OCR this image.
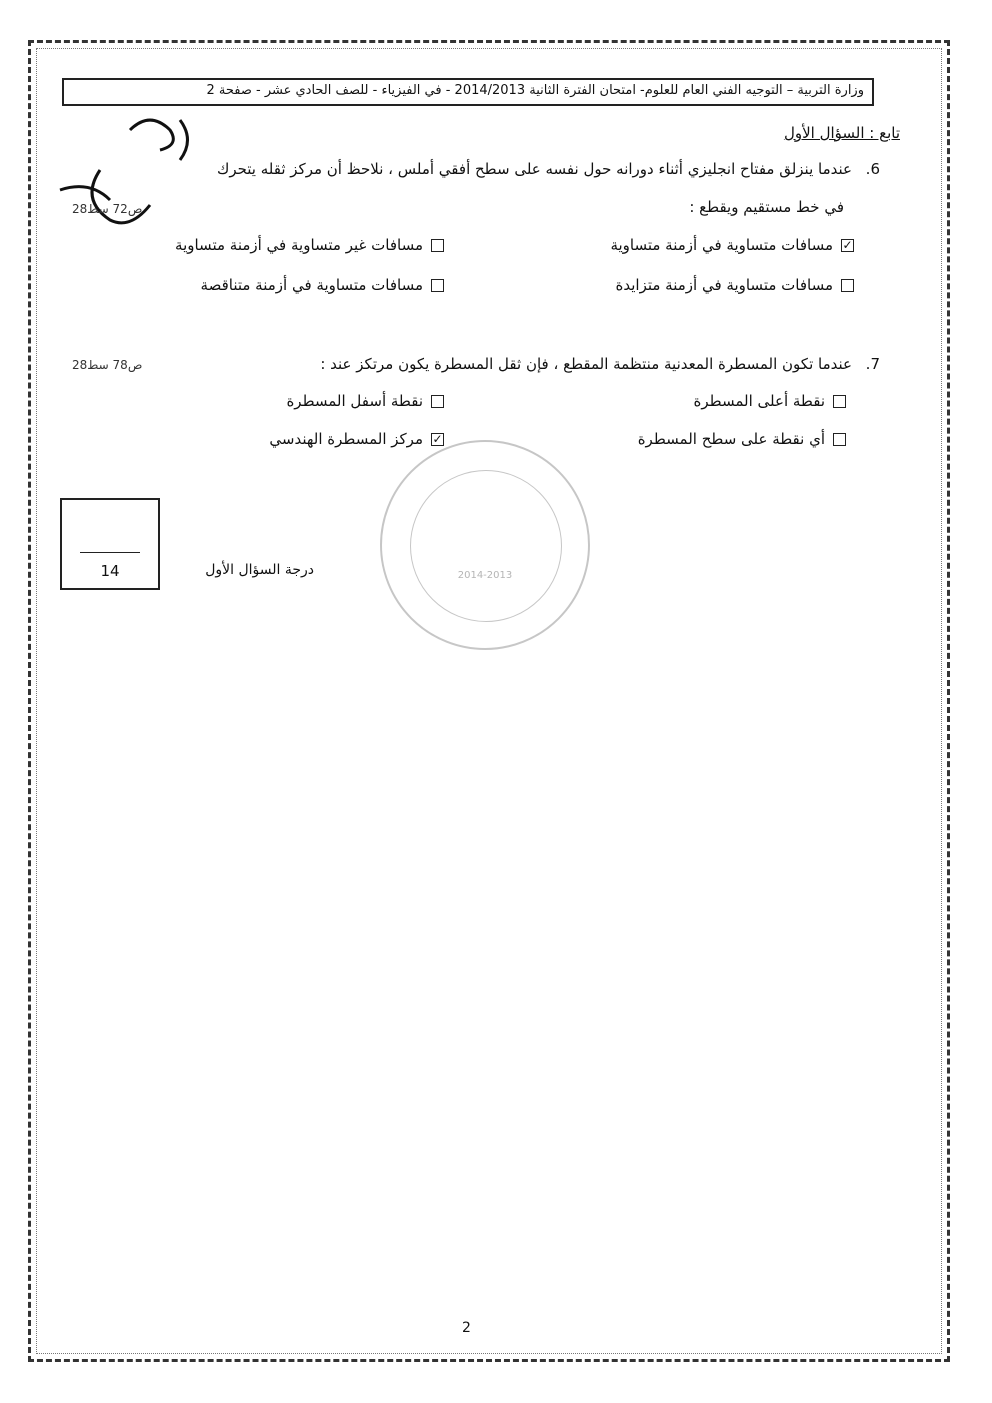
وزارة التربية – التوجيه الفني العام للعلوم- امتحان الفترة الثانية 2014/2013 - في الفيزياء - للصف الحادي عشر - صفحة 2
تابع : السؤال الأول
6.
عندما ينزلق مفتاح انجليزي أثناء دورانه حول نفسه على سطح أفقي أملس ، نلاحظ أن مركز ثقله يتحرك
في خط مستقيم ويقطع :
ص72 سط28
✓
مسافات متساوية في أزمنة متساوية
مسافات غير متساوية في أزمنة متساوية
مسافات متساوية في أزمنة متزايدة
مسافات متساوية في أزمنة متناقصة
7.
عندما تكون المسطرة المعدنية منتظمة المقطع ، فإن ثقل المسطرة يكون مرتكز عند :
ص78 سط28
نقطة أعلى المسطرة
نقطة أسفل المسطرة
أي نقطة على سطح المسطرة
✓
مركز المسطرة الهندسي
2014-2013
14	درجة السؤال الأول
2
